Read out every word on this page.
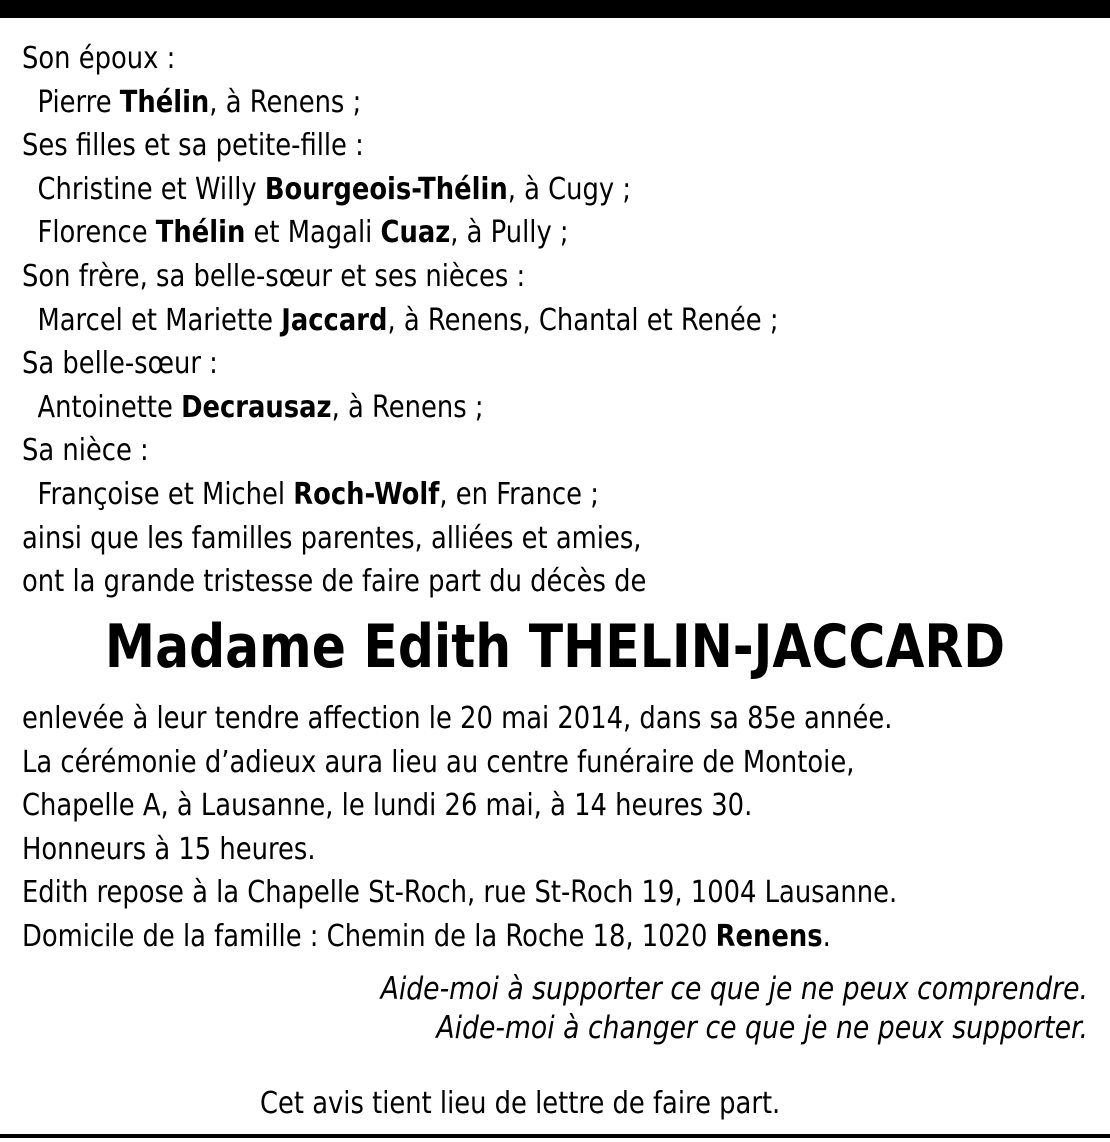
Son époux :
Pierre Thélin, à Renens ;
Ses filles et sa petite-fille :
Christine et Willy Bourgeois-Thélin, à Cugy ;
Florence Thélin et Magali Cuaz, à Pully ;
Son frère, sa belle-sœur et ses nièces :
Marcel et Mariette Jaccard, à Renens, Chantal et Renée ;
Sa belle-sœur :
Antoinette Decrausaz, à Renens ;
Sa nièce :
Françoise et Michel Roch-Wolf, en France ;
ainsi que les familles parentes, alliées et amies,
ont la grande tristesse de faire part du décès de
Madame Edith THELIN-JACCARD
enlevée à leur tendre affection le 20 mai 2014, dans sa 85e année.
La cérémonie d’adieux aura lieu au centre funéraire de Montoie,
Chapelle A, à Lausanne, le lundi 26 mai, à 14 heures 30.
Honneurs à 15 heures.
Edith repose à la Chapelle St-Roch, rue St-Roch 19, 1004 Lausanne.
Domicile de la famille : Chemin de la Roche 18, 1020 Renens.
Aide-moi à supporter ce que je ne peux comprendre.
Aide-moi à changer ce que je ne peux supporter.
Cet avis tient lieu de lettre de faire part.
